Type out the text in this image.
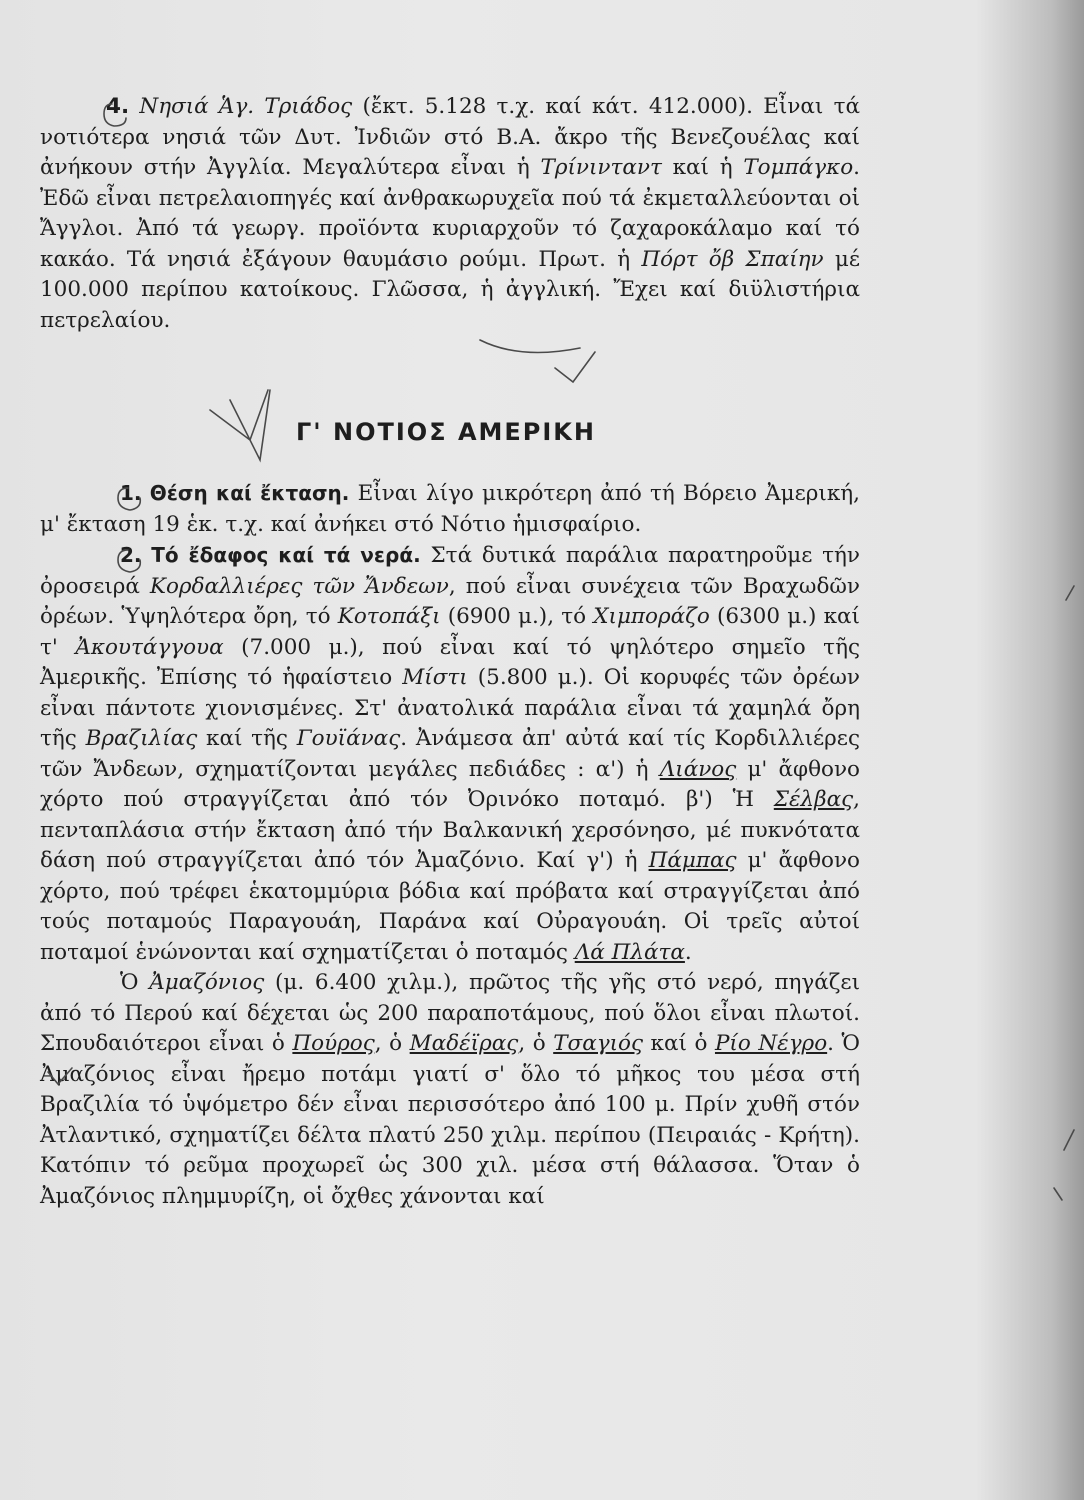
4. Νησιά Ἁγ. Τριάδος (ἔκτ. 5.128 τ.χ. καί κάτ. 412.000). Εἶναι τά νοτιότερα νησιά τῶν Δυτ. Ἰνδιῶν στό Β.Α. ἄκρο τῆς Βενεζουέλας καί ἀνήκουν στήν Ἀγγλία. Μεγαλύτερα εἶναι ἡ Τρίνινταντ καί ἡ Τομπάγκο. Ἐδῶ εἶναι πετρελαιοπηγές καί ἀνθρακωρυχεῖα πού τά ἐκμεταλλεύονται οἱ Ἄγγλοι. Ἀπό τά γεωργ. προϊόντα κυριαρχοῦν τό ζαχαροκάλαμο καί τό κακάο. Τά νησιά ἐξάγουν θαυμάσιο ρούμι. Πρωτ. ἡ Πόρτ ὄβ Σπαίην μέ 100.000 περίπου κατοίκους. Γλῶσσα, ἡ ἀγγλική. Ἔχει καί διϋλιστήρια πετρελαίου.

Γ' ΝΟΤΙΟΣ ΑΜΕΡΙΚΗ

1. Θέση καί ἔκταση. Εἶναι λίγο μικρότερη ἀπό τή Βόρειο Ἀμερική, μ' ἔκταση 19 ἑκ. τ.χ. καί ἀνήκει στό Νότιο ἡμισφαίριο.

2. Τό ἔδαφος καί τά νερά. Στά δυτικά παράλια παρατηροῦμε τήν ὀροσειρά Κορδαλλιέρες τῶν Ἄνδεων, πού εἶναι συνέχεια τῶν Βραχωδῶν ὀρέων. Ὑψηλότερα ὄρη, τό Κοτοπάξι (6900 μ.), τό Χιμποράζο (6300 μ.) καί τ' Ἀκουτάγγουα (7.000 μ.), πού εἶναι καί τό ψηλότερο σημεῖο τῆς Ἀμερικῆς. Ἐπίσης τό ἡφαίστειο Μίστι (5.800 μ.). Οἱ κορυφές τῶν ὀρέων εἶναι πάντοτε χιονισμένες. Στ' ἀνατολικά παράλια εἶναι τά χαμηλά ὄρη τῆς Βραζιλίας καί τῆς Γουϊάνας. Ἀνάμεσα ἀπ' αὐτά καί τίς Κορδιλλιέρες τῶν Ἄνδεων, σχηματίζονται μεγάλες πεδιάδες : α') ἡ Λιάνος μ' ἄφθονο χόρτο πού στραγγίζεται ἀπό τόν Ὀρινόκο ποταμό. β') Ἡ Σέλβας, πενταπλάσια στήν ἔκταση ἀπό τήν Βαλκανική χερσόνησο, μέ πυκνότατα δάση πού στραγγίζεται ἀπό τόν Ἀμαζόνιο. Καί γ') ἡ Πάμπας μ' ἄφθονο χόρτο, πού τρέφει ἑκατομμύρια βόδια καί πρόβατα καί στραγγίζεται ἀπό τούς ποταμούς Παραγουάη, Παράνα καί Οὐραγουάη. Οἱ τρεῖς αὐτοί ποταμοί ἑνώνονται καί σχηματίζεται ὁ ποταμός Λά Πλάτα.

Ὁ Ἀμαζόνιος (μ. 6.400 χιλμ.), πρῶτος τῆς γῆς στό νερό, πηγάζει ἀπό τό Περού καί δέχεται ὡς 200 παραποτάμους, πού ὅλοι εἶναι πλωτοί. Σπουδαιότεροι εἶναι ὁ Πούρος, ὁ Μαδέϊρας, ὁ Τσαγιός καί ὁ Ρίο Νέγρο. Ὁ Ἀμαζόνιος εἶναι ἤρεμο ποτάμι γιατί σ' ὅλο τό μῆκος του μέσα στή Βραζιλία τό ὑψόμετρο δέν εἶναι περισσότερο ἀπό 100 μ. Πρίν χυθῆ στόν Ἀτλαντικό, σχηματίζει δέλτα πλατύ 250 χιλμ. περίπου (Πειραιάς - Κρήτη). Κατόπιν τό ρεῦμα προχωρεῖ ὡς 300 χιλ. μέσα στή θάλασσα. Ὅταν ὁ Ἀμαζόνιος πλημμυρίζη, οἱ ὄχθες χάνονται καί
